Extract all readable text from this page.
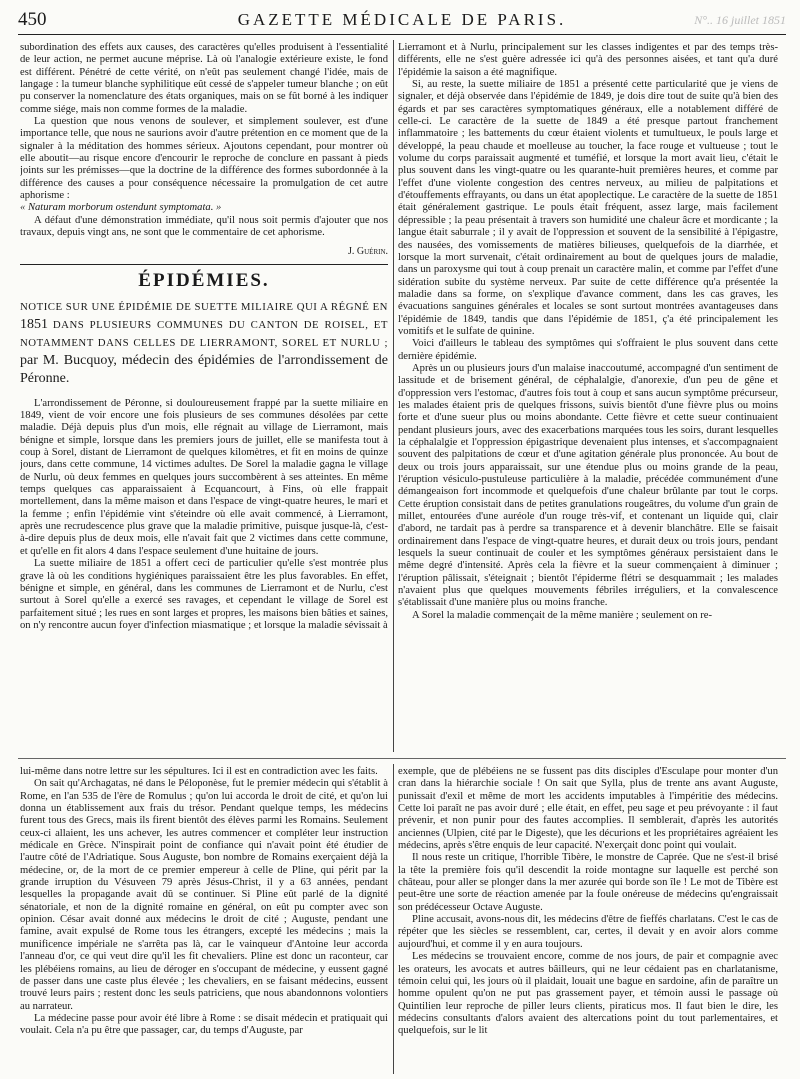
450	GAZETTE MÉDICALE DE PARIS.	N°.. 16 juillet 1851

subordination des effets aux causes, des caractères qu'elles produisent à l'essentialité de leur action, ne permet aucune méprise. Là où l'analogie extérieure existe, le fond est différent. Pénétré de cette vérité, on n'eût pas seulement changé l'idée, mais de langage : la tumeur blanche syphilitique eût cessé de s'appeler tumeur blanche ; on eût pu conserver la nomenclature des états organiques, mais on se fût borné à les indiquer comme siége, mais non comme formes de la maladie.

La question que nous venons de soulever, et simplement soulever, est d'une importance telle, que nous ne saurions avoir d'autre prétention en ce moment que de la signaler à la méditation des hommes sérieux. Ajoutons cependant, pour montrer où elle aboutit—au risque encore d'encourir le reproche de conclure en passant à pieds joints sur les prémisses—que la doctrine de la différence des formes subordonnée à la différence des causes a pour conséquence nécessaire la promulgation de cet autre aphorisme :

« Naturam morborum ostendunt symptomata. »

A défaut d'une démonstration immédiate, qu'il nous soit permis d'ajouter que nos travaux, depuis vingt ans, ne sont que le commentaire de cet aphorisme.

J. Guérin.
ÉPIDÉMIES.
NOTICE SUR UNE ÉPIDÉMIE DE SUETTE MILIAIRE QUI A RÉGNÉ EN 1851 DANS PLUSIEURS COMMUNES DU CANTON DE ROISEL, ET NOTAMMENT DANS CELLES DE LIERRAMONT, SOREL ET NURLU ; par M. Bucquoy, médecin des épidémies de l'arrondissement de Péronne.

L'arrondissement de Péronne, si douloureusement frappé par la suette miliaire en 1849, vient de voir encore une fois plusieurs de ses communes désolées par cette maladie. Déjà depuis plus d'un mois, elle régnait au village de Lierramont, mais bénigne et simple, lorsque dans les premiers jours de juillet, elle se manifesta tout à coup à Sorel, distant de Lierramont de quelques kilomètres, et fit en moins de quinze jours, dans cette commune, 14 victimes adultes. De Sorel la maladie gagna le village de Nurlu, où deux femmes en quelques jours succombèrent à ses atteintes. En même temps quelques cas apparaissaient à Ecquancourt, à Fins, où elle frappait mortellement, dans la même maison et dans l'espace de vingt-quatre heures, le mari et la femme ; enfin l'épidémie vint s'éteindre où elle avait commencé, à Lierramont, après une recrudescence plus grave que la maladie primitive, puisque jusque-là, c'est-à-dire depuis plus de deux mois, elle n'avait fait que 2 victimes dans cette commune, et qu'elle en fit alors 4 dans l'espace seulement d'une huitaine de jours.

La suette miliaire de 1851 a offert ceci de particulier qu'elle s'est montrée plus grave là où les conditions hygiéniques paraissaient être les plus favorables. En effet, bénigne et simple, en général, dans les communes de Lierramont et de Nurlu, c'est surtout à Sorel qu'elle a exercé ses ravages, et cependant le village de Sorel est parfaitement situé ; les rues en sont larges et propres, les maisons bien bâties et saines, on n'y rencontre aucun foyer d'infection miasmatique ; et lorsque la maladie sévissait à

Lierramont et à Nurlu, principalement sur les classes indigentes et par des temps très-différents, elle ne s'est guère adressée ici qu'à des personnes aisées, et tant qu'a duré l'épidémie la saison a été magnifique.

Si, au reste, la suette miliaire de 1851 a présenté cette particularité que je viens de signaler, et déjà observée dans l'épidémie de 1849, je dois dire tout de suite qu'à bien des égards et par ses caractères symptomatiques généraux, elle a notablement différé de celle-ci. Le caractère de la suette de 1849 a été presque partout franchement inflammatoire ; les battements du cœur étaient violents et tumultueux, le pouls large et développé, la peau chaude et moelleuse au toucher, la face rouge et vultueuse ; tout le volume du corps paraissait augmenté et tuméfié, et lorsque la mort avait lieu, c'était le plus souvent dans les vingt-quatre ou les quarante-huit premières heures, et comme par l'effet d'une violente congestion des centres nerveux, au milieu de palpitations et d'étouffements effrayants, ou dans un état apoplectique. Le caractère de la suette de 1851 était généralement gastrique. Le pouls était fréquent, assez large, mais facilement dépressible ; la peau présentait à travers son humidité une chaleur âcre et mordicante ; la langue était saburrale ; il y avait de l'oppression et souvent de la sensibilité à l'épigastre, des nausées, des vomissements de matières bilieuses, quelquefois de la diarrhée, et lorsque la mort survenait, c'était ordinairement au bout de quelques jours de maladie, dans un paroxysme qui tout à coup prenait un caractère malin, et comme par l'effet d'une sidération subite du système nerveux. Par suite de cette différence qu'a présentée la maladie dans sa forme, on s'explique d'avance comment, dans les cas graves, les évacuations sanguines générales et locales se sont surtout montrées avantageuses dans l'épidémie de 1849, tandis que dans l'épidémie de 1851, ç'a été principalement les vomitifs et le sulfate de quinine.

Voici d'ailleurs le tableau des symptômes qui s'offraient le plus souvent dans cette dernière épidémie.

Après un ou plusieurs jours d'un malaise inaccoutumé, accompagné d'un sentiment de lassitude et de brisement général, de céphalalgie, d'anorexie, d'un peu de gêne et d'oppression vers l'estomac, d'autres fois tout à coup et sans aucun symptôme précurseur, les malades étaient pris de quelques frissons, suivis bientôt d'une fièvre plus ou moins forte et d'une sueur plus ou moins abondante. Cette fièvre et cette sueur continuaient pendant plusieurs jours, avec des exacerbations marquées tous les soirs, durant lesquelles la céphalalgie et l'oppression épigastrique devenaient plus intenses, et s'accompagnaient souvent des palpitations de cœur et d'une agitation générale plus prononcée. Au bout de deux ou trois jours apparaissait, sur une étendue plus ou moins grande de la peau, l'éruption vésiculo-pustuleuse particulière à la maladie, précédée communément d'une démangeaison fort incommode et quelquefois d'une chaleur brûlante par tout le corps. Cette éruption consistait dans de petites granulations rougeâtres, du volume d'un grain de millet, entourées d'une auréole d'un rouge très-vif, et contenant un liquide qui, clair d'abord, ne tardait pas à perdre sa transparence et à devenir blanchâtre. Elle se faisait ordinairement dans l'espace de vingt-quatre heures, et durait deux ou trois jours, pendant lesquels la sueur continuait de couler et les symptômes généraux persistaient dans le même degré d'intensité. Après cela la fièvre et la sueur commençaient à diminuer ; l'éruption pâlissait, s'éteignait ; bientôt l'épiderme flétri se desquammait ; les malades n'avaient plus que quelques mouvements fébriles irréguliers, et la convalescence s'établissait d'une manière plus ou moins franche.

A Sorel la maladie commençait de la même manière ; seulement on re-

lui-même dans notre lettre sur les sépultures. Ici il est en contradiction avec les faits.

On sait qu'Archagatas, né dans le Péloponèse, fut le premier médecin qui s'établit à Rome, en l'an 535 de l'ère de Romulus ; qu'on lui accorda le droit de cité, et qu'on lui donna un établissement aux frais du trésor. Pendant quelque temps, les médecins furent tous des Grecs, mais ils firent bientôt des élèves parmi les Romains. Seulement ceux-ci allaient, les uns achever, les autres commencer et compléter leur instruction médicale en Grèce. N'inspirait point de confiance qui n'avait point été étudier de l'autre côté de l'Adriatique. Sous Auguste, bon nombre de Romains exerçaient déjà la médecine, or, de la mort de ce premier empereur à celle de Pline, qui périt par la grande irruption du Vésuveen 79 après Jésus-Christ, il y a 63 années, pendant lesquelles la propagande avait dû se continuer. Si Pline eût parlé de la dignité sénatoriale, et non de la dignité romaine en général, on eût pu compter avec son opinion. César avait donné aux médecins le droit de cité ; Auguste, pendant une famine, avait expulsé de Rome tous les étrangers, excepté les médecins ; mais la munificence impériale ne s'arrêta pas là, car le vainqueur d'Antoine leur accorda l'anneau d'or, ce qui veut dire qu'il les fit chevaliers. Pline est donc un raconteur, car les plébéiens romains, au lieu de déroger en s'occupant de médecine, y eussent gagné de passer dans une caste plus élevée ; les chevaliers, en se faisant médecins, eussent trouvé leurs pairs ; restent donc les seuls patriciens, que nous abandonnons volontiers au narrateur.

La médecine passe pour avoir été libre à Rome : se disait médecin et pratiquait qui voulait. Cela n'a pu être que passager, car, du temps d'Auguste, par

exemple, que de plébéiens ne se fussent pas dits disciples d'Esculape pour monter d'un cran dans la hiérarchie sociale ! On sait que Sylla, plus de trente ans avant Auguste, punissait d'exil et même de mort les accidents imputables à l'impéritie des médecins. Cette loi paraît ne pas avoir duré ; elle était, en effet, peu sage et peu prévoyante : il faut prévenir, et non punir pour des fautes accomplies. Il semblerait, d'après les autorités anciennes (Ulpien, cité par le Digeste), que les décurions et les propriétaires agréaient les médecins, après s'être enquis de leur capacité. N'exerçait donc point qui voulait.

Il nous reste un critique, l'horrible Tibère, le monstre de Caprée. Que ne s'est-il brisé la tête la première fois qu'il descendit la roide montagne sur laquelle est perché son château, pour aller se plonger dans la mer azurée qui borde son île ! Le mot de Tibère est peut-être une sorte de réaction amenée par la foule onéreuse de médecins qu'engraissait son prédécesseur Octave Auguste.

Pline accusait, avons-nous dit, les médecins d'être de fieffés charlatans. C'est le cas de répéter que les siècles se ressemblent, car, certes, il devait y en avoir alors comme aujourd'hui, et comme il y en aura toujours.

Les médecins se trouvaient encore, comme de nos jours, de pair et compagnie avec les orateurs, les avocats et autres bâilleurs, qui ne leur cédaient pas en charlatanisme, témoin celui qui, les jours où il plaidait, louait une bague en sardoine, afin de paraître un homme opulent qu'on ne put pas grassement payer, et témoin aussi le passage où Quintilien leur reproche de piller leurs clients, piraticus mos. Il faut bien le dire, les médecins consultants d'alors avaient des altercations point du tout parlementaires, et quelquefois, sur le lit
